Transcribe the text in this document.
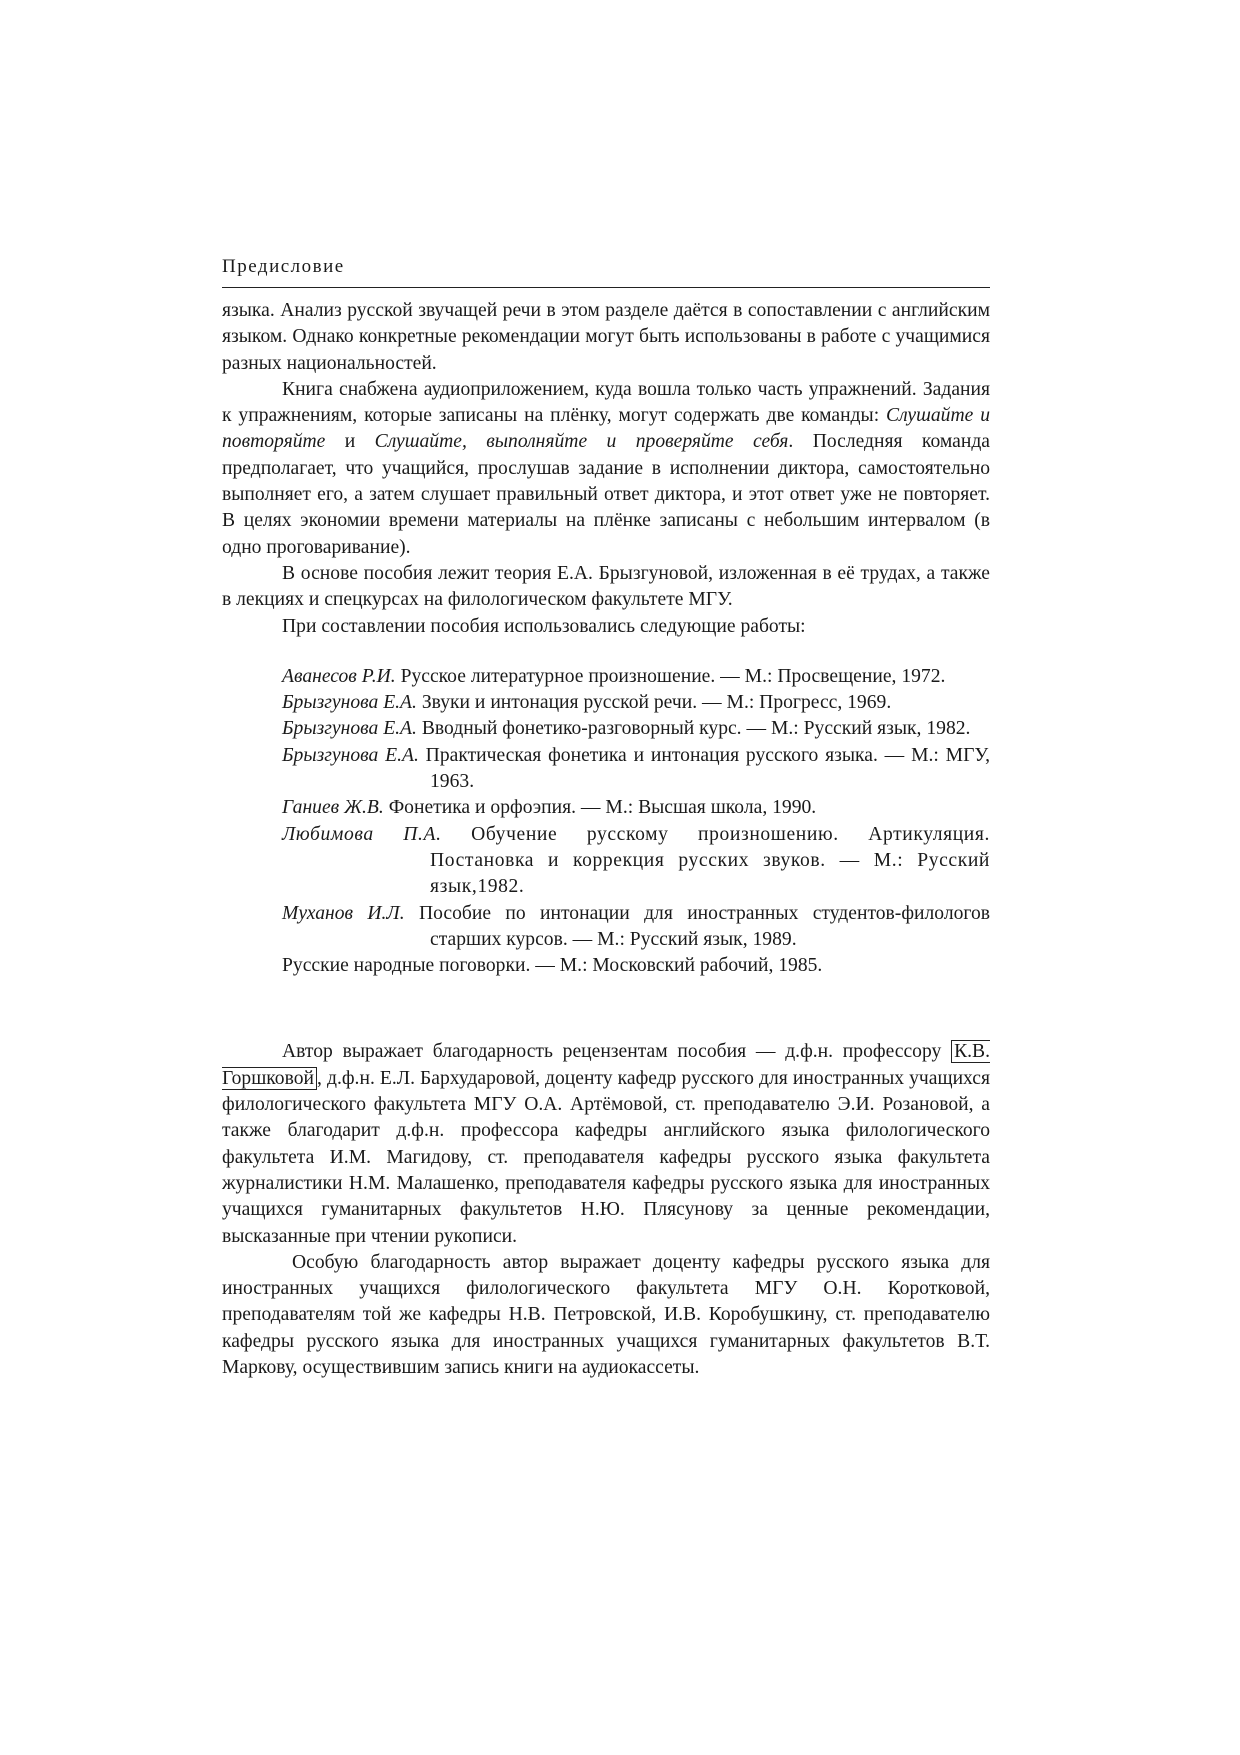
Предисловие

языка. Анализ русской звучащей речи в этом разделе даётся в сопоставлении с английским языком. Однако конкретные рекомендации могут быть использованы в работе с учащимися разных национальностей.

Книга снабжена аудиоприложением, куда вошла только часть упражнений. Задания к упражнениям, которые записаны на плёнку, могут содержать две команды: Слушайте и повторяйте и Слушайте, выполняйте и проверяйте себя. Последняя команда предполагает, что учащийся, прослушав задание в исполнении диктора, самостоятельно выполняет его, а затем слушает правильный ответ диктора, и этот ответ уже не повторяет. В целях экономии времени материалы на плёнке записаны с небольшим интервалом (в одно проговаривание).

В основе пособия лежит теория Е.А. Брызгуновой, изложенная в её трудах, а также в лекциях и спецкурсах на филологическом факультете МГУ.

При составлении пособия использовались следующие работы:

Аванесов Р.И. Русское литературное произношение. — М.: Просвещение, 1972.

Брызгунова Е.А. Звуки и интонация русской речи. — М.: Прогресс, 1969.

Брызгунова Е.А. Вводный фонетико-разговорный курс. — М.: Русский язык, 1982.

Брызгунова Е.А. Практическая фонетика и интонация русского языка. — М.: МГУ, 1963.

Ганиев Ж.В. Фонетика и орфоэпия. — М.: Высшая школа, 1990.

Любимова П.А. Обучение русскому произношению. Артикуляция. Постановка и коррекция русских звуков. — М.: Русский язык,1982.

Муханов И.Л. Пособие по интонации для иностранных студентов-филологов старших курсов. — М.: Русский язык, 1989.

Русские народные поговорки. — М.: Московский рабочий, 1985.

Автор выражает благодарность рецензентам пособия — д.ф.н. профессору К.В. Горшковой , д.ф.н. Е.Л. Бархударовой, доценту кафедр русского для иностранных учащихся филологического факультета МГУ О.А. Артёмовой, ст. преподавателю Э.И. Розановой, а также благодарит д.ф.н. профессора кафедры английского языка филологического факультета И.М. Магидову, ст. преподавателя кафедры русского языка факультета журналистики Н.М. Малашенко, преподавателя кафедры русского языка для иностранных учащихся гуманитарных факультетов Н.Ю. Плясунову за ценные рекомендации, высказанные при чтении рукописи.

Особую благодарность автор выражает доценту кафедры русского языка для иностранных учащихся филологического факультета МГУ О.Н. Коротковой, преподавателям той же кафедры Н.В. Петровской, И.В. Коробушкину, ст. преподавателю кафедры русского языка для иностранных учащихся гуманитарных факультетов В.Т. Маркову, осуществившим запись книги на аудиокассеты.
